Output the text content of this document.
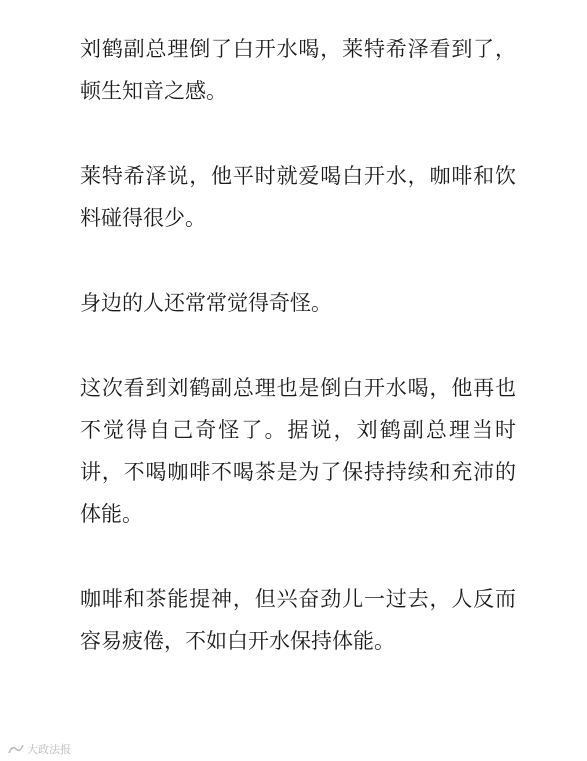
刘鹤副总理倒了白开水喝，莱特希泽看到了，顿生知音之感。

莱特希泽说，他平时就爱喝白开水，咖啡和饮料碰得很少。

身边的人还常常觉得奇怪。

这次看到刘鹤副总理也是倒白开水喝，他再也不觉得自己奇怪了。据说，刘鹤副总理当时讲，不喝咖啡不喝茶是为了保持持续和充沛的体能。

咖啡和茶能提神，但兴奋劲儿一过去，人反而容易疲倦，不如白开水保持体能。

大政法报
